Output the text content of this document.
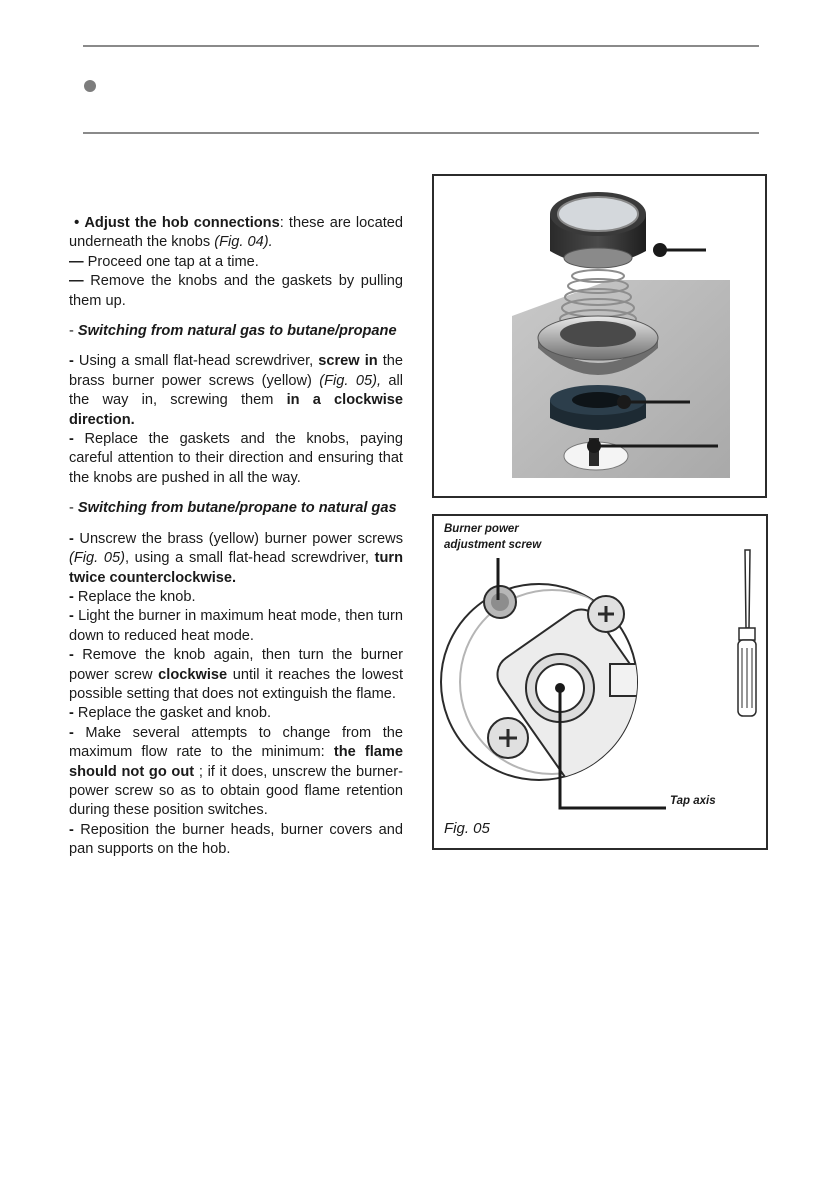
• Adjust the hob connections: these are located underneath the knobs (Fig. 04).

— Proceed one tap at a time.

— Remove the knobs and the gaskets by pulling them up.

- Switching from natural gas to butane/propane

- Using a small flat-head screwdriver, screw in the brass burner power screws (yellow) (Fig. 05), all the way in, screwing them in a clockwise direction.

- Replace the gaskets and the knobs, paying careful attention to their direction and ensuring that the knobs are pushed in all the way.

- Switching from butane/propane to natural gas

- Unscrew the brass (yellow) burner power screws (Fig. 05), using a small flat-head screwdriver, turn twice counterclockwise.

- Replace the knob.

- Light the burner in maximum heat mode, then turn down to reduced heat mode.

- Remove the knob again, then turn the burner power screw clockwise until it reaches the lowest possible setting that does not extinguish the flame.

- Replace the gasket and knob.

- Make several attempts to change from the maximum flow rate to the minimum: the flame should not go out ; if it does, unscrew the burner-power screw so as to obtain good flame retention during these position switches.

- Reposition the burner heads, burner covers and pan supports on the hob.

Burner power
adjustment screw
Tap axis
Fig. 05
